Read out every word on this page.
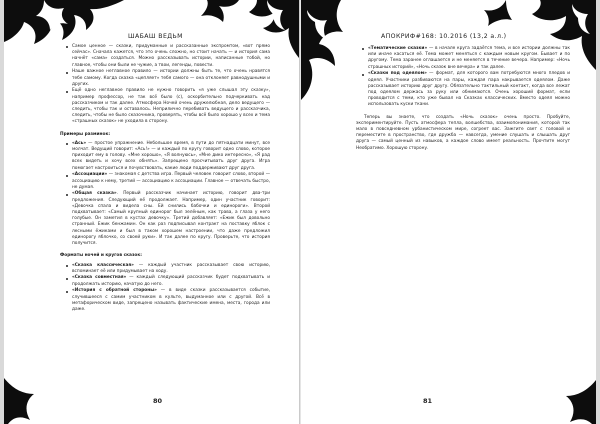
ШАБАШ ВЕДЬМ
Самое ценное — сказки, придуманные и рассказанные экспромтом, «вот прямо сейчас». Сначала кажется, что это очень сложно, но стоит начать — и история сама начнёт «сама» создаться. Можно рассказывать истории, написанные тобой, но главное, чтобы они были не чужие, а твои, легенды, повести.
Наше важное неглавное правило — истории должны быть те, что очень нравятся тебе самому. Когда сказка «цепляет» тебя самого — она отклоняет равнодушными и других.
Ещё одно неглавное правило не нужно говорить «я уже слышал эту сказку», например профессор, не так всё было (с), оскорбительно подчеркивать над рассказчиком и так далее. Атмосфера Ночей очень дружелюбная, дело ведущего — следить, чтобы так и оставалось. Неприлично перебивать ведущего и рассказчика, следить, чтобы не было сказочника, проверять, чтобы всё было хорошо у всех и тема «страшных сказок» не уходила в сторону.
Примеры разминок:
«Ась» — простое упражнение. Небольшое время, в пути до пятнадцати минут, все молчат. Ведущий говорит: «Ась!» — и каждый по кругу говорит одно слово, которое приходит ему в голову. «Мне хорошо», «Я волнуюсь», «Мне дико интересно», «Я рад всех видеть и хочу всех обнять». Запрещено просчитывать друг друга. Игра помогает настроиться и почувствовать, какие люди поддерживают друг друга.
«Ассоциации» — знакомая с детства игра. Первый человек говорит слово, второй — ассоциацию к нему, третий — ассоциацию к ассоциации. Главное — отвечать быстро, не думая.
«Общая сказка». Первый рассказчик начинает историю, говорит два-три предложения. Следующий её продолжает. Например, один участник говорит: «Девочка спала и видела сны. Ей снились бабочки и единороги». Второй подхватывает: «Самый крупный единорог был зелёным, как трава, а глаза у него голубые. Он заметил в кустах девочку». Третий добавляет: «Ежик был довольно странный. Ежик бенжамин. Он как раз подписывал контракт на поставку яблок с лесными ёжиками и был в таком хорошем настроении, что даже предложил единорогу яблочко, со своей руки». И так далее по кругу. Проверьте, что история получится.
Форматы ночей и кругов сказок:
«Сказка классическая» — каждый участник рассказывает свою историю, вспоминает её или придумывает на ходу.
«Сказка совместная» — каждый следующий рассказчик будет подхватывать и продолжать историю, начатую до него.
«История с обратной стороны» — в виде сказки рассказывается событие, случившееся с самим участником в культе, выдуманное или с другой. Всё в метафорическом виде, запрещено называть фактические имена, места, города или даже.
80
АПОКРИФ#168: 10.2016 (13,2 а.л.)
«Тематические сказки» — в начале круга задаётся тема, и все истории должны так или иначе касаться её. Тема может меняться с каждым новым кругом. Бывает и по другому. Тема заранее оглашается и не меняется в течение вечера. Например: «Ночь страшных историй», «Ночь сказок вне вечера» и так далее.
«Сказки под одеялом» — формат, для которого вам потребуются много пледов и одеял. Участники разбиваются на пары, каждая пара накрывается одеялом. Даже рассказывает историю друг другу. Обязательно тактильный контакт, когда все лежат под одеялом держась за руку или обнимаются. Очень хороший формат, если проводится с теми, кто уже бывал на Сказках классических. Вместо одеял можно использовать куски ткани.
Теперь вы знаете, что создать «Ночь сказок» очень просто. Пробуйте, экспериментируйте. Пусть атмосфера тепла, волшебства, взаимопонимания, которой так мало в повседневном урбанистическом мире, согреет вас. Зажгите свет с головой и переместите в пространство, где дружба — навсегда, умение слушать и слышать друг друга — самый ценный из навыков, а каждое слово имеет реальность. Прочтите могут Необратимо. Хорошую сторону.
81
